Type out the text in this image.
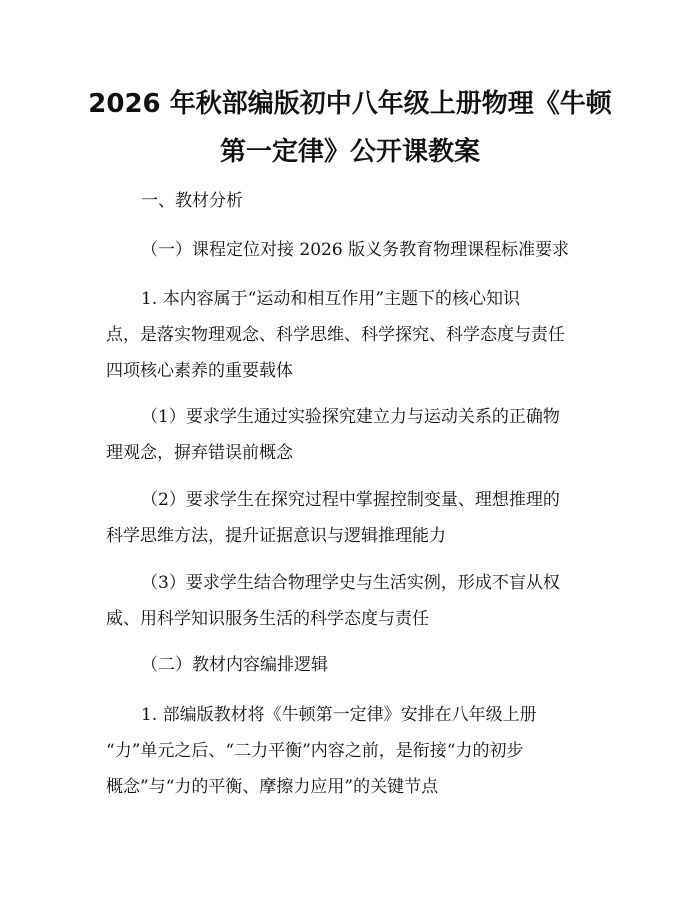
2026 年秋部编版初中八年级上册物理《牛顿
第一定律》公开课教案

一、教材分析

（一）课程定位对接 2026 版义务教育物理课程标准要求

1. 本内容属于“运动和相互作用”主题下的核心知识
点，是落实物理观念、科学思维、科学探究、科学态度与责任
四项核心素养的重要载体

（1）要求学生通过实验探究建立力与运动关系的正确物
理观念，摒弃错误前概念

（2）要求学生在探究过程中掌握控制变量、理想推理的
科学思维方法，提升证据意识与逻辑推理能力

（3）要求学生结合物理学史与生活实例，形成不盲从权
威、用科学知识服务生活的科学态度与责任

（二）教材内容编排逻辑

1. 部编版教材将《牛顿第一定律》安排在八年级上册
“力”单元之后、“二力平衡”内容之前，是衔接“力的初步
概念”与“力的平衡、摩擦力应用”的关键节点
